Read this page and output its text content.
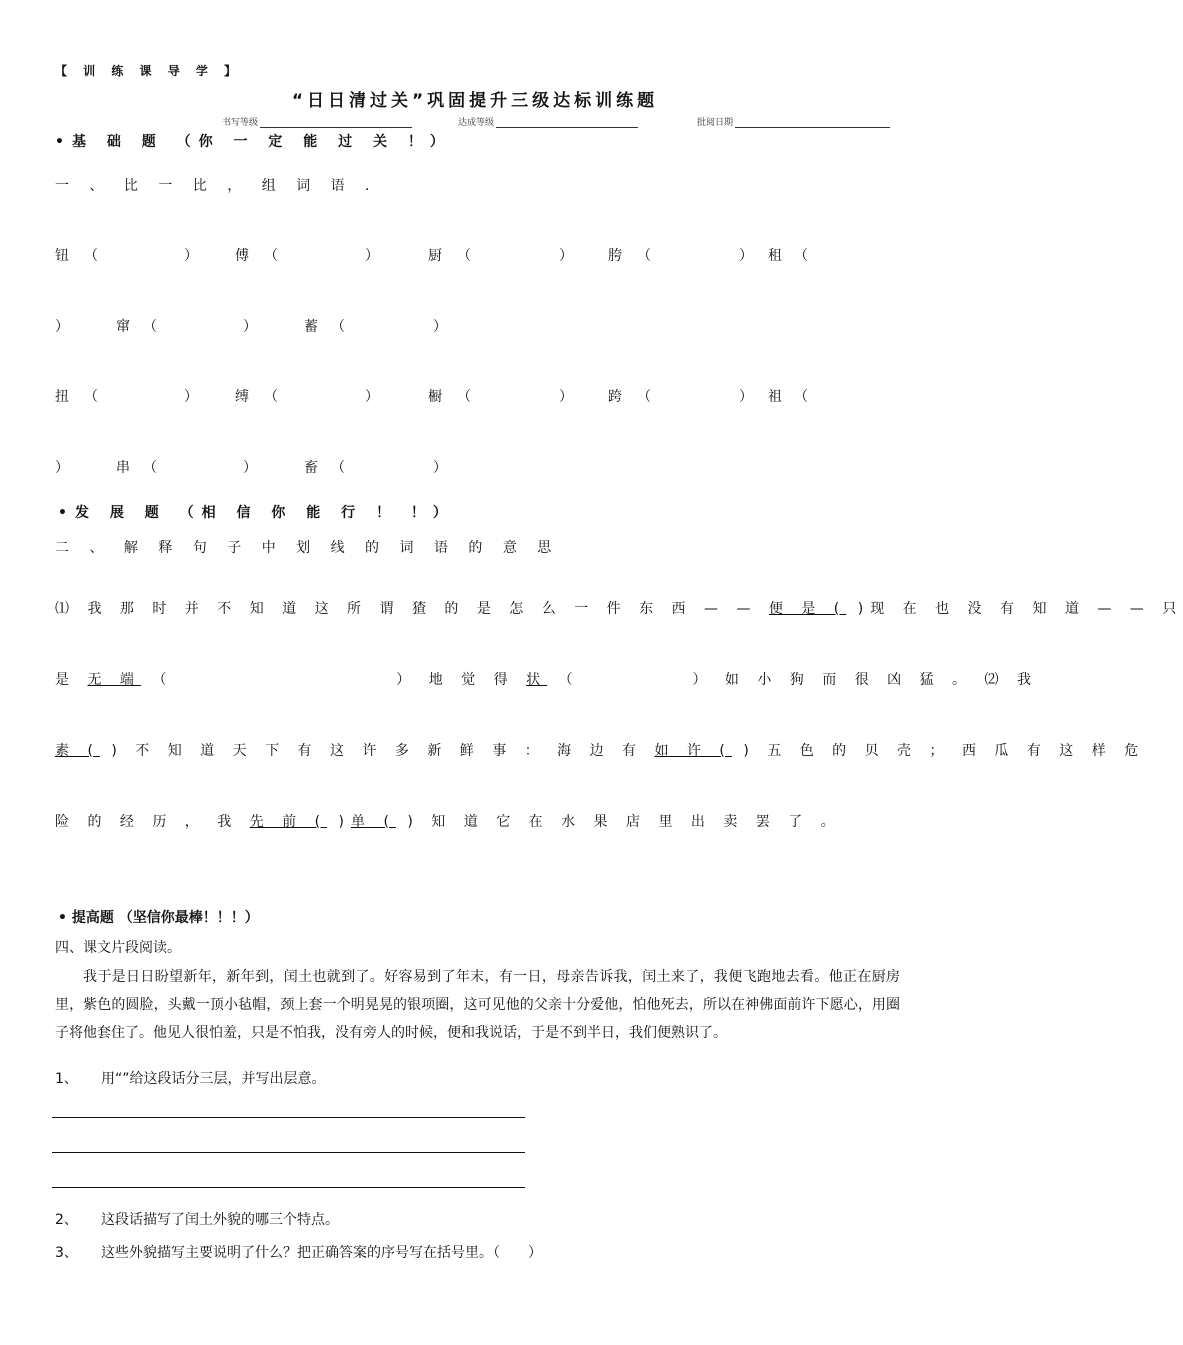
【 训 练 课 导 学 】
“日日清过关”巩固提升三级达标训练题
书写等级	达成等级	批阅日期
•基 础 题 （你 一 定 能 过 关 ！）
一 、 比 一 比 ， 组 词 语 ．
钮 （	）	傅 （	）	厨 （	）	胯 （	） 租 （
）	窜 （	）	蓄 （	）
扭 （	）	缚 （	）	橱 （	）	跨 （	） 祖 （
）	串 （	）	畜 （	）
•发 展 题 （相 信 你 能 行 ！ ！）
二 、 解 释 句 子 中 划 线 的 词 语 的 意 思
⑴ 我 那 时 并 不 知 道 这 所 谓 猹 的 是 怎 么 一 件 东 西 — — 便 是 ( )现 在 也 没 有 知 道 — — 只
是 无 端 （	） 地 觉 得 状 （	） 如 小 狗 而 很 凶 猛 。 ⑵ 我
素 ( ) 不 知 道 天 下 有 这 许 多 新 鲜 事 ： 海 边 有 如 许 ( ) 五 色 的 贝 壳 ； 西 瓜 有 这 样 危
险 的 经 历 ， 我 先 前 ( )单 ( ) 知 道 它 在 水 果 店 里 出 卖 罢 了 。
• 提高题 （坚信你最棒！！！）
四、课文片段阅读。
我于是日日盼望新年，新年到，闰土也就到了。好容易到了年末，有一日，母亲告诉我，闰土来了，我便飞跑地去看。他正在厨房里，紫色的圆脸，头戴一顶小毡帽，颈上套一个明晃晃的银项圈，这可见他的父亲十分爱他，怕他死去，所以在神佛面前许下愿心，用圈子将他套住了。他见人很怕羞，只是不怕我，没有旁人的时候，便和我说话，于是不到半日，我们便熟识了。
1、 用“”给这段话分三层，并写出层意。
2、 这段话描写了闰土外貌的哪三个特点。
3、 这些外貌描写主要说明了什么？把正确答案的序号写在括号里。（　　）
